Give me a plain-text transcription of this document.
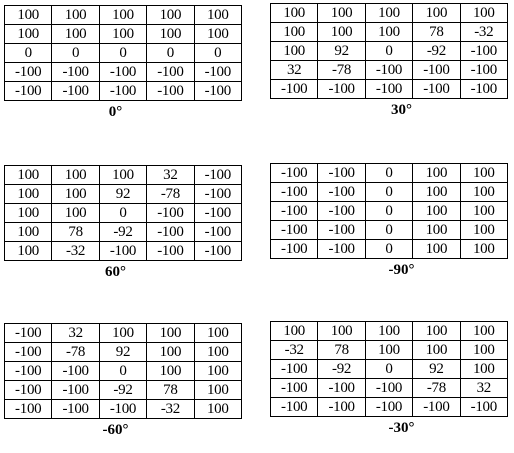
100	100	100	100	100
100	100	100	100	100
0	0	0	0	0
-100	-100	-100	-100	-100
-100	-100	-100	-100	-100
0°
100	100	100	100	100
100	100	100	78	-32
100	92	0	-92	-100
32	-78	-100	-100	-100
-100	-100	-100	-100	-100
30°
100	100	100	32	-100
100	100	92	-78	-100
100	100	0	-100	-100
100	78	-92	-100	-100
100	-32	-100	-100	-100
60°
-100	-100	0	100	100
-100	-100	0	100	100
-100	-100	0	100	100
-100	-100	0	100	100
-100	-100	0	100	100
-90°
-100	32	100	100	100
-100	-78	92	100	100
-100	-100	0	100	100
-100	-100	-92	78	100
-100	-100	-100	-32	100
-60°
100	100	100	100	100
-32	78	100	100	100
-100	-92	0	92	100
-100	-100	-100	-78	32
-100	-100	-100	-100	-100
-30°
